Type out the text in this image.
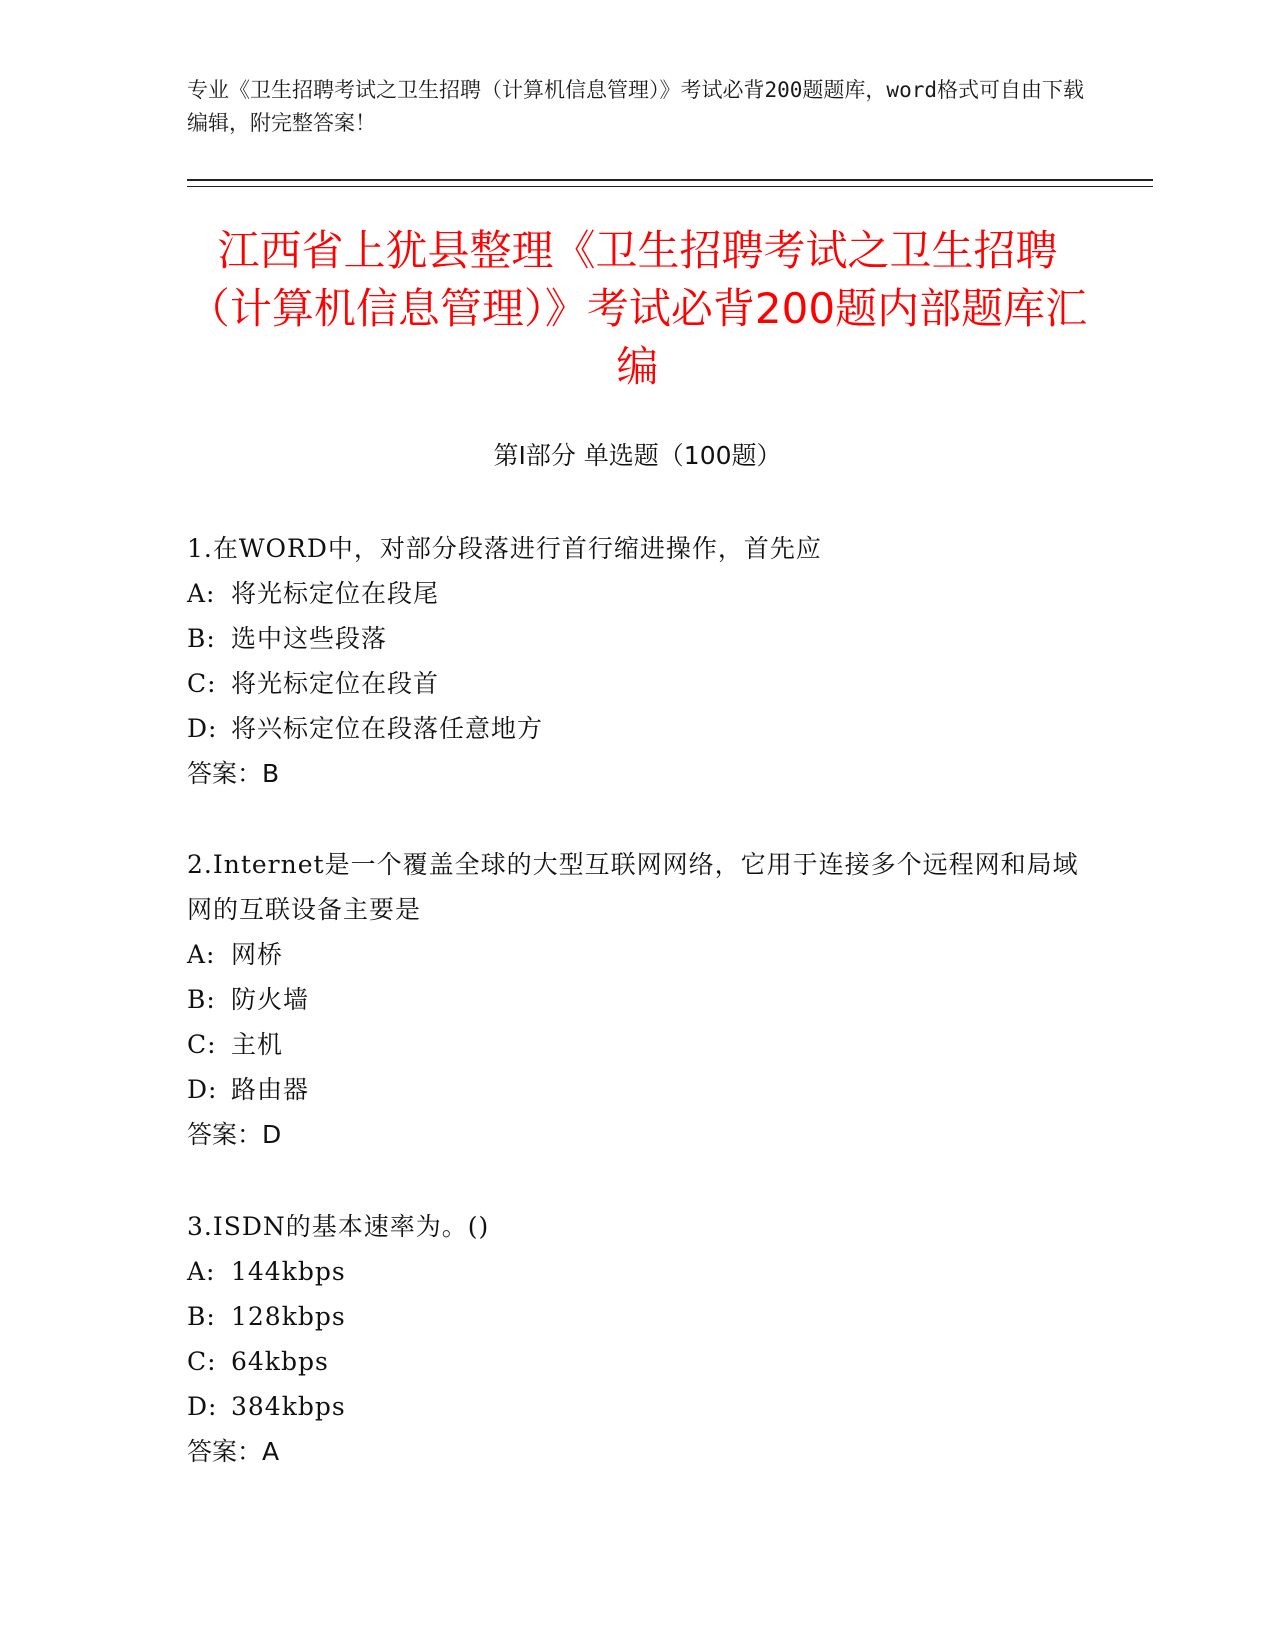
专业《卫生招聘考试之卫生招聘（计算机信息管理）》考试必背200题题库，word格式可自由下载编辑，附完整答案！
江西省上犹县整理《卫生招聘考试之卫生招聘（计算机信息管理）》考试必背200题内部题库汇编
第Ⅰ部分 单选题（100题）
1.在WORD中，对部分段落进行首行缩进操作，首先应
A: 将光标定位在段尾
B: 选中这些段落
C: 将光标定位在段首
D: 将兴标定位在段落任意地方
答案：B
2.Internet是一个覆盖全球的大型互联网网络，它用于连接多个远程网和局域网的互联设备主要是
A: 网桥
B: 防火墙
C: 主机
D: 路由器
答案：D
3.ISDN的基本速率为。()
A: 144kbps
B: 128kbps
C: 64kbps
D: 384kbps
答案：A
